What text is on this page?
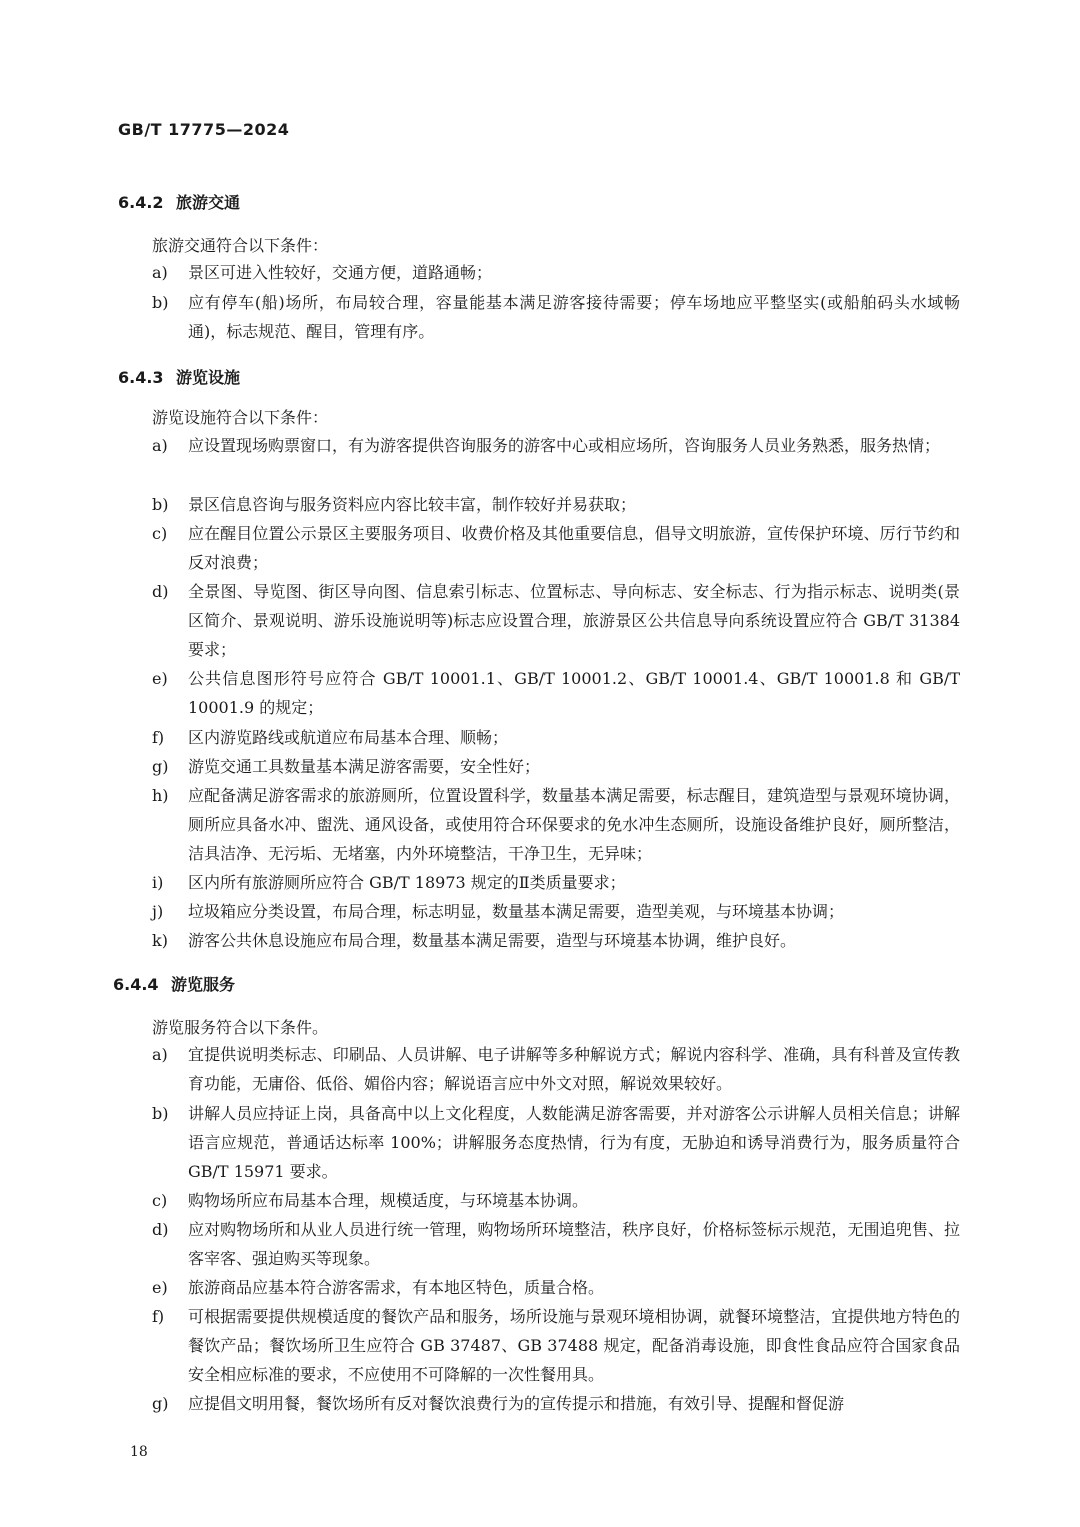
GB/T 17775—2024
6.4.2 旅游交通
旅游交通符合以下条件：
a)	景区可进入性较好，交通方便，道路通畅；
b)	应有停车(船)场所，布局较合理，容量能基本满足游客接待需要；停车场地应平整坚实(或船舶码头水域畅通)，标志规范、醒目，管理有序。
6.4.3 游览设施
游览设施符合以下条件：
a)	应设置现场购票窗口，有为游客提供咨询服务的游客中心或相应场所，咨询服务人员业务熟悉，服务热情；
b)	景区信息咨询与服务资料应内容比较丰富，制作较好并易获取；
c)	应在醒目位置公示景区主要服务项目、收费价格及其他重要信息，倡导文明旅游，宣传保护环境、厉行节约和反对浪费；
d)	全景图、导览图、街区导向图、信息索引标志、位置标志、导向标志、安全标志、行为指示标志、说明类(景区简介、景观说明、游乐设施说明等)标志应设置合理，旅游景区公共信息导向系统设置应符合 GB/T 31384 要求；
e)	公共信息图形符号应符合 GB/T 10001.1、GB/T 10001.2、GB/T 10001.4、GB/T 10001.8 和 GB/T 10001.9 的规定；
f)	区内游览路线或航道应布局基本合理、顺畅；
g)	游览交通工具数量基本满足游客需要，安全性好；
h)	应配备满足游客需求的旅游厕所，位置设置科学，数量基本满足需要，标志醒目，建筑造型与景观环境协调，厕所应具备水冲、盥洗、通风设备，或使用符合环保要求的免水冲生态厕所，设施设备维护良好，厕所整洁，洁具洁净、无污垢、无堵塞，内外环境整洁，干净卫生，无异味；
i)	区内所有旅游厕所应符合 GB/T 18973 规定的Ⅱ类质量要求；
j)	垃圾箱应分类设置，布局合理，标志明显，数量基本满足需要，造型美观，与环境基本协调；
k)	游客公共休息设施应布局合理，数量基本满足需要，造型与环境基本协调，维护良好。
6.4.4 游览服务
游览服务符合以下条件。
a)	宜提供说明类标志、印刷品、人员讲解、电子讲解等多种解说方式；解说内容科学、准确，具有科普及宣传教育功能，无庸俗、低俗、媚俗内容；解说语言应中外文对照，解说效果较好。
b)	讲解人员应持证上岗，具备高中以上文化程度，人数能满足游客需要，并对游客公示讲解人员相关信息；讲解语言应规范，普通话达标率 100%；讲解服务态度热情，行为有度，无胁迫和诱导消费行为，服务质量符合 GB/T 15971 要求。
c)	购物场所应布局基本合理，规模适度，与环境基本协调。
d)	应对购物场所和从业人员进行统一管理，购物场所环境整洁，秩序良好，价格标签标示规范，无围追兜售、拉客宰客、强迫购买等现象。
e)	旅游商品应基本符合游客需求，有本地区特色，质量合格。
f)	可根据需要提供规模适度的餐饮产品和服务，场所设施与景观环境相协调，就餐环境整洁，宜提供地方特色的餐饮产品；餐饮场所卫生应符合 GB 37487、GB 37488 规定，配备消毒设施，即食性食品应符合国家食品安全相应标准的要求，不应使用不可降解的一次性餐用具。
g)	应提倡文明用餐，餐饮场所有反对餐饮浪费行为的宣传提示和措施，有效引导、提醒和督促游
18
